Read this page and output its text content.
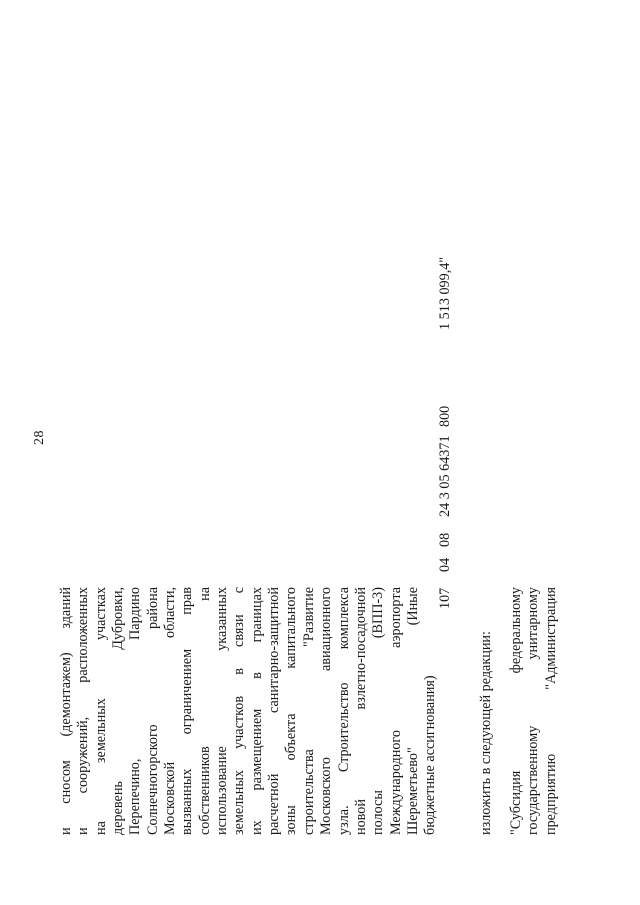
28
и сносом (демонтажем) зданий и сооружений, расположенных на земельных участках деревень Дубровки, Перепечино, Пардино Солнечногорского района Московской области, вызванных ограничением прав собственников на использование указанных земельных участков в связи с их размещением в границах расчетной санитарно-защитной зоны объекта капитального строительства "Развитие Московского авиационного узла. Строительство комплекса новой взлетно-посадочной полосы (ВПП-3) Международного аэропорта Шереметьево" (Иные бюджетные ассигнования)
107
04
08
24 3 05 64371
800
1 513 099,4"
изложить в следующей редакции: "Субсидия федеральному государственному унитарному предприятию "Администрация
